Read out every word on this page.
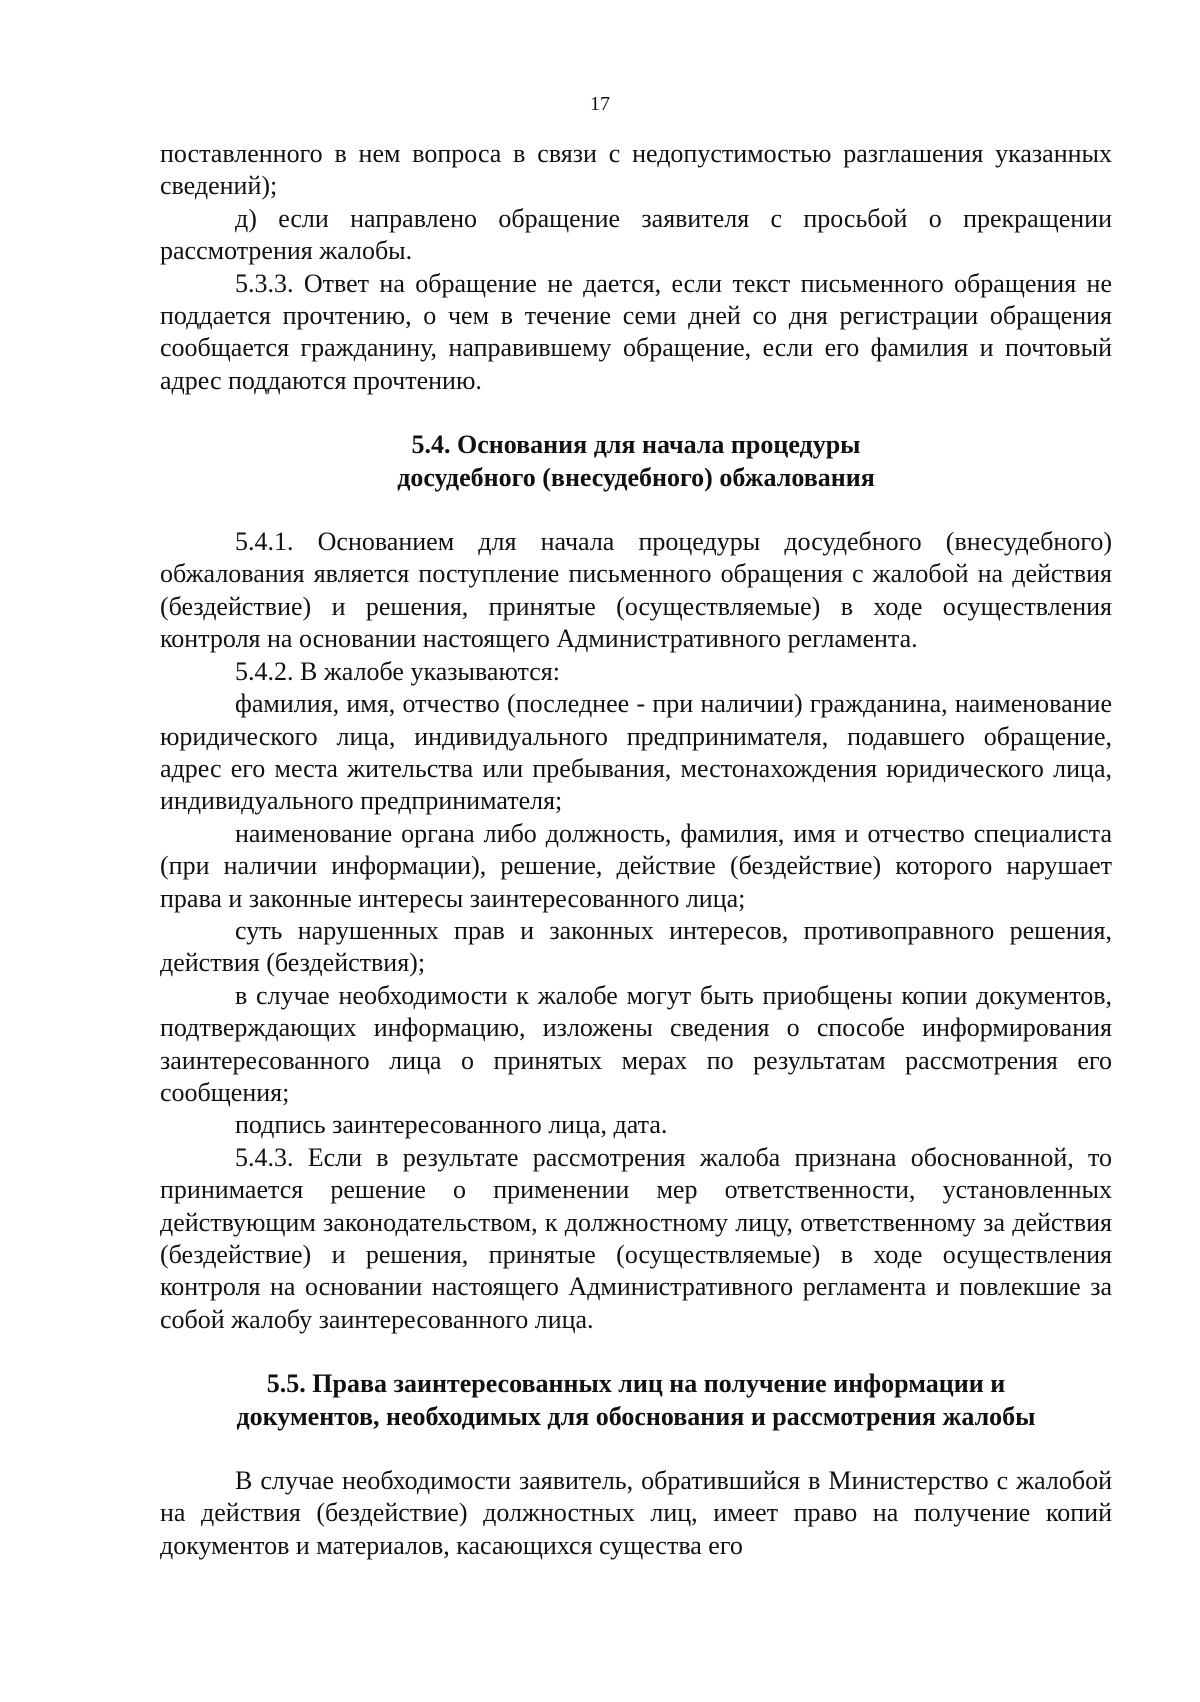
17

поставленного в нем вопроса в связи с недопустимостью разглашения указанных сведений);

д) если направлено обращение заявителя с просьбой о прекращении рассмотрения жалобы.

5.3.3. Ответ на обращение не дается, если текст письменного обращения не поддается прочтению, о чем в течение семи дней со дня регистрации обращения сообщается гражданину, направившему обращение, если его фамилия и почтовый адрес поддаются прочтению.

5.4. Основания для начала процедуры
досудебного (внесудебного) обжалования

5.4.1. Основанием для начала процедуры досудебного (внесудебного) обжалования является поступление письменного обращения с жалобой на действия (бездействие) и решения, принятые (осуществляемые) в ходе осуществления контроля на основании настоящего Административного регламента.

5.4.2. В жалобе указываются:

фамилия, имя, отчество (последнее - при наличии) гражданина, наименование юридического лица, индивидуального предпринимателя, подавшего обращение, адрес его места жительства или пребывания, местонахождения юридического лица, индивидуального предпринимателя;

наименование органа либо должность, фамилия, имя и отчество специалиста (при наличии информации), решение, действие (бездействие) которого нарушает права и законные интересы заинтересованного лица;

суть нарушенных прав и законных интересов, противоправного решения, действия (бездействия);

в случае необходимости к жалобе могут быть приобщены копии документов, подтверждающих информацию, изложены сведения о способе информирования заинтересованного лица о принятых мерах по результатам рассмотрения его сообщения;

подпись заинтересованного лица, дата.

5.4.3. Если в результате рассмотрения жалоба признана обоснованной, то принимается решение о применении мер ответственности, установленных действующим законодательством, к должностному лицу, ответственному за действия (бездействие) и решения, принятые (осуществляемые) в ходе осуществления контроля на основании настоящего Административного регламента и повлекшие за собой жалобу заинтересованного лица.

5.5. Права заинтересованных лиц на получение информации и
документов, необходимых для обоснования и рассмотрения жалобы

В случае необходимости заявитель, обратившийся в Министерство с жалобой на действия (бездействие) должностных лиц, имеет право на получение копий документов и материалов, касающихся существа его
